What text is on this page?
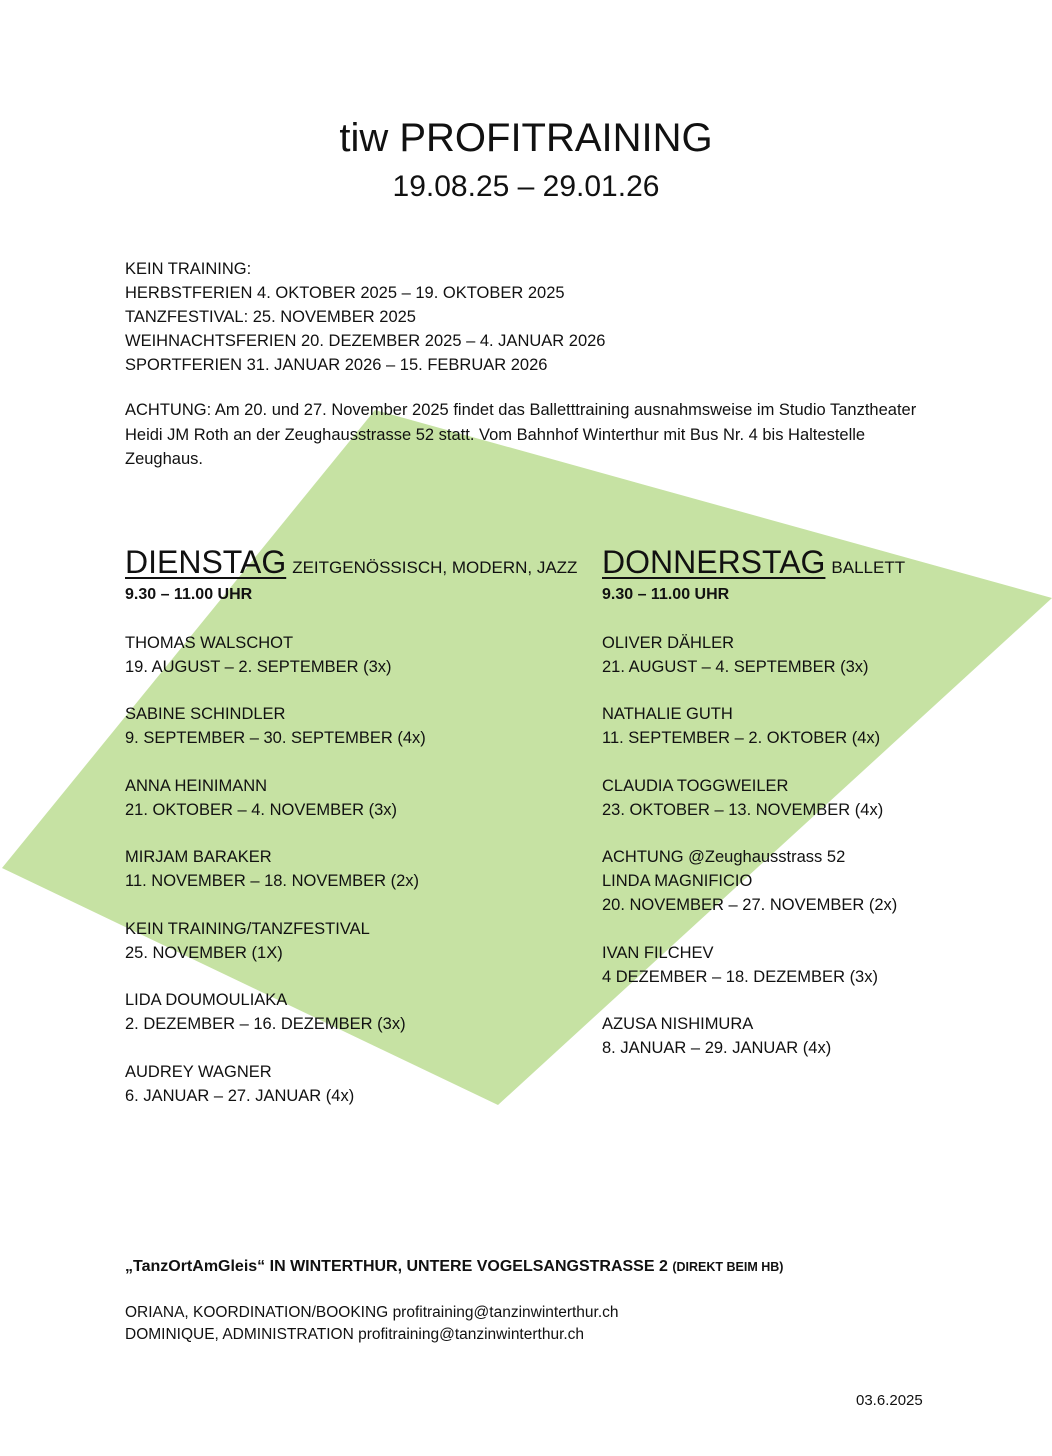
tiw PROFITRAINING
19.08.25 – 29.01.26
KEIN TRAINING:
HERBSTFERIEN 4. OKTOBER 2025 – 19. OKTOBER 2025
TANZFESTIVAL: 25. NOVEMBER 2025
WEIHNACHTSFERIEN 20. DEZEMBER 2025 – 4. JANUAR 2026
SPORTFERIEN 31. JANUAR 2026 – 15. FEBRUAR 2026
ACHTUNG: Am 20. und 27. November 2025 findet das Balletttraining ausnahmsweise im Studio Tanztheater Heidi JM Roth an der Zeughausstrasse 52 statt. Vom Bahnhof Winterthur mit Bus Nr. 4 bis Haltestelle Zeughaus.
DIENSTAG ZEITGENÖSSISCH, MODERN, JAZZ
9.30 – 11.00 UHR
THOMAS WALSCHOT
19. AUGUST – 2. SEPTEMBER (3x)
SABINE SCHINDLER
9. SEPTEMBER – 30. SEPTEMBER (4x)
ANNA HEINIMANN
21. OKTOBER – 4. NOVEMBER (3x)
MIRJAM BARAKER
11. NOVEMBER – 18. NOVEMBER (2x)
KEIN TRAINING/TANZFESTIVAL
25. NOVEMBER (1X)
LIDA DOUMOULIAKA
2. DEZEMBER – 16. DEZEMBER (3x)
AUDREY WAGNER
6. JANUAR – 27. JANUAR (4x)
DONNERSTAG BALLETT
9.30 – 11.00 UHR
OLIVER DÄHLER
21. AUGUST – 4. SEPTEMBER (3x)
NATHALIE GUTH
11. SEPTEMBER – 2. OKTOBER (4x)
CLAUDIA TOGGWEILER
23. OKTOBER – 13. NOVEMBER (4x)
ACHTUNG @Zeughausstrass 52
LINDA MAGNIFICIO
20. NOVEMBER – 27. NOVEMBER (2x)
IVAN FILCHEV
4 DEZEMBER – 18. DEZEMBER (3x)
AZUSA NISHIMURA
8. JANUAR – 29. JANUAR (4x)
„TanzOrtAmGleis“ IN WINTERTHUR, UNTERE VOGELSANGSTRASSE 2 (DIREKT BEIM HB)
ORIANA, KOORDINATION/BOOKING profitraining@tanzinwinterthur.ch
DOMINIQUE, ADMINISTRATION profitraining@tanzinwinterthur.ch
03.6.2025
